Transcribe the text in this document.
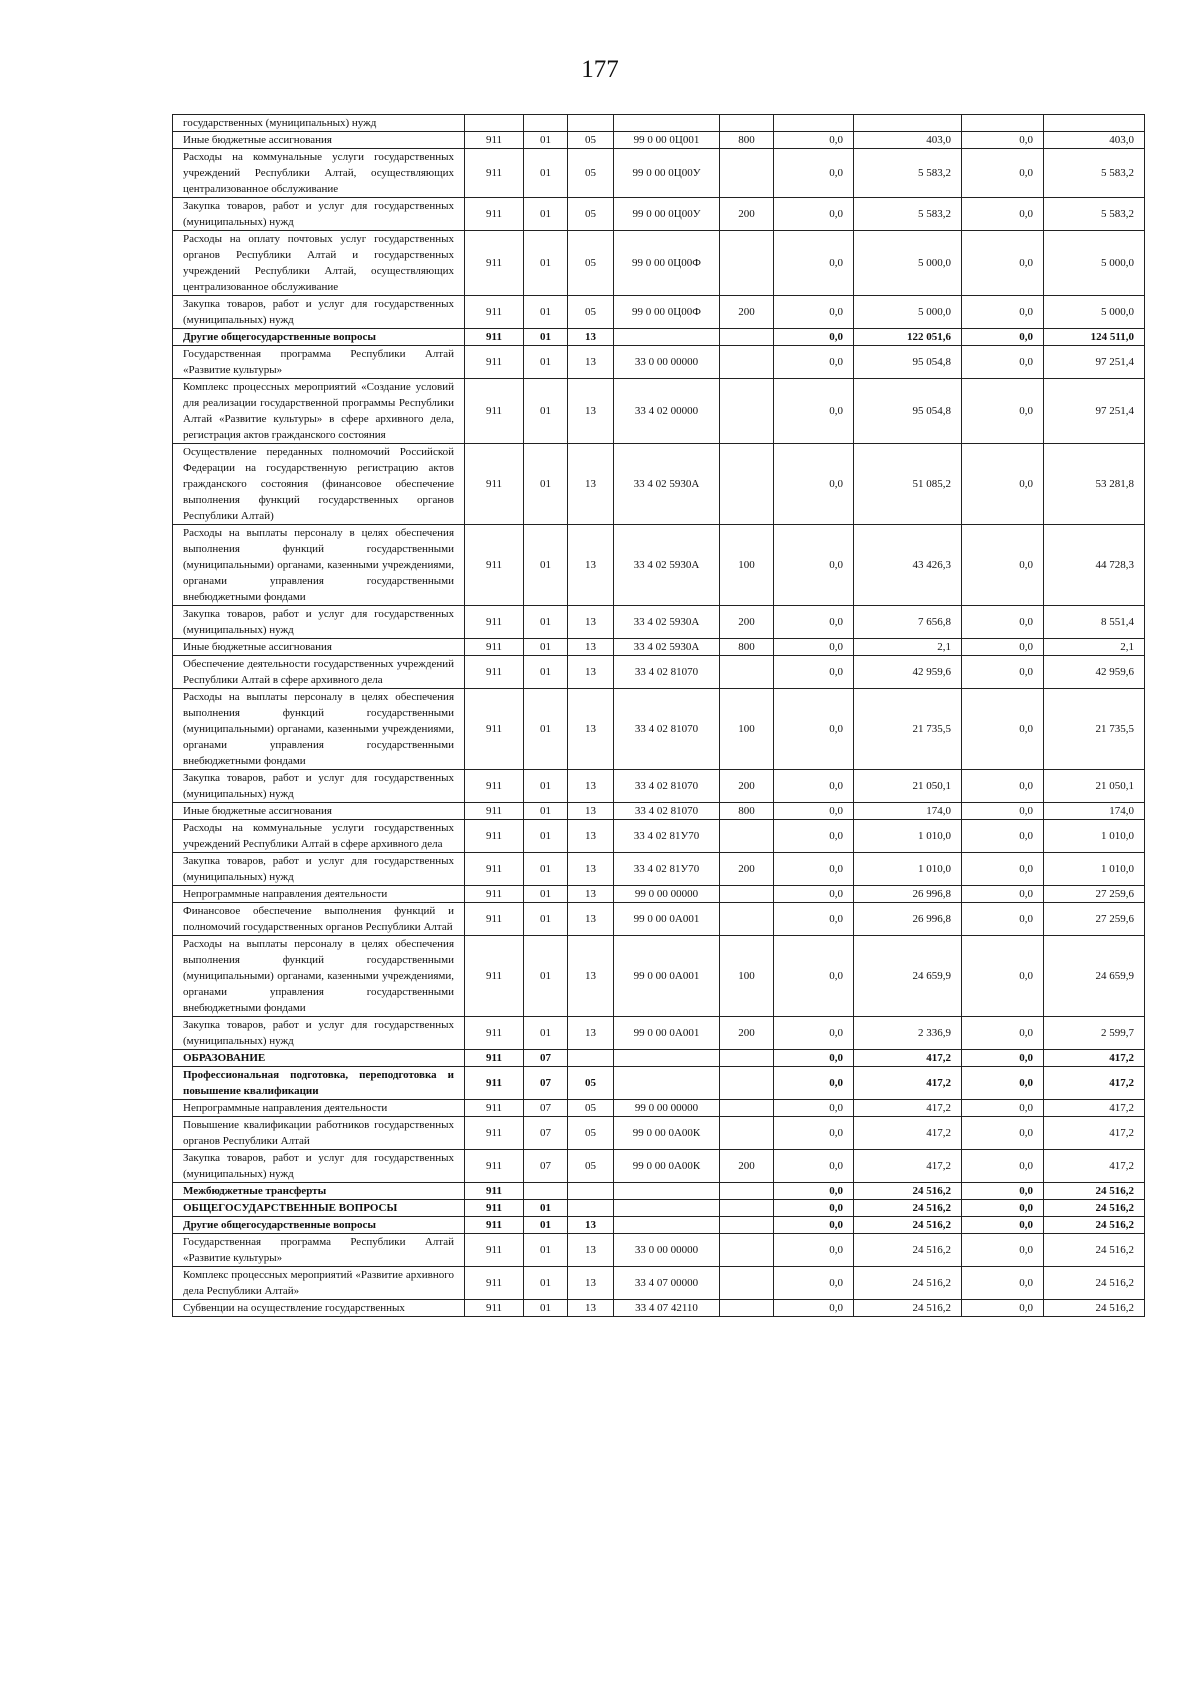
177
государственных (муниципальных) нужд									
Иные бюджетные ассигнования	911	01	05	99 0 00 0Ц001	800	0,0	403,0	0,0	403,0
Расходы на коммунальные услуги государственных учреждений Республики Алтай, осуществляющих централизованное обслуживание	911	01	05	99 0 00 0Ц00У		0,0	5 583,2	0,0	5 583,2
Закупка товаров, работ и услуг для государственных (муниципальных) нужд	911	01	05	99 0 00 0Ц00У	200	0,0	5 583,2	0,0	5 583,2
Расходы на оплату почтовых услуг государственных органов Республики Алтай и государственных учреждений Республики Алтай, осуществляющих централизованное обслуживание	911	01	05	99 0 00 0Ц00Ф		0,0	5 000,0	0,0	5 000,0
Закупка товаров, работ и услуг для государственных (муниципальных) нужд	911	01	05	99 0 00 0Ц00Ф	200	0,0	5 000,0	0,0	5 000,0
Другие общегосударственные вопросы	911	01	13			0,0	122 051,6	0,0	124 511,0
Государственная программа Республики Алтай «Развитие культуры»	911	01	13	33 0 00 00000		0,0	95 054,8	0,0	97 251,4
Комплекс процессных мероприятий «Создание условий для реализации государственной программы Республики Алтай «Развитие культуры» в сфере архивного дела, регистрация актов гражданского состояния	911	01	13	33 4 02 00000		0,0	95 054,8	0,0	97 251,4
Осуществление переданных полномочий Российской Федерации на государственную регистрацию актов гражданского состояния (финансовое обеспечение выполнения функций государственных органов Республики Алтай)	911	01	13	33 4 02 5930А		0,0	51 085,2	0,0	53 281,8
Расходы на выплаты персоналу в целях обеспечения выполнения функций государственными (муниципальными) органами, казенными учреждениями, органами управления государственными внебюджетными фондами	911	01	13	33 4 02 5930А	100	0,0	43 426,3	0,0	44 728,3
Закупка товаров, работ и услуг для государственных (муниципальных) нужд	911	01	13	33 4 02 5930А	200	0,0	7 656,8	0,0	8 551,4
Иные бюджетные ассигнования	911	01	13	33 4 02 5930А	800	0,0	2,1	0,0	2,1
Обеспечение деятельности государственных учреждений Республики Алтай в сфере архивного дела	911	01	13	33 4 02 81070		0,0	42 959,6	0,0	42 959,6
Расходы на выплаты персоналу в целях обеспечения выполнения функций государственными (муниципальными) органами, казенными учреждениями, органами управления государственными внебюджетными фондами	911	01	13	33 4 02 81070	100	0,0	21 735,5	0,0	21 735,5
Закупка товаров, работ и услуг для государственных (муниципальных) нужд	911	01	13	33 4 02 81070	200	0,0	21 050,1	0,0	21 050,1
Иные бюджетные ассигнования	911	01	13	33 4 02 81070	800	0,0	174,0	0,0	174,0
Расходы на коммунальные услуги государственных учреждений Республики Алтай в сфере архивного дела	911	01	13	33 4 02 81У70		0,0	1 010,0	0,0	1 010,0
Закупка товаров, работ и услуг для государственных (муниципальных) нужд	911	01	13	33 4 02 81У70	200	0,0	1 010,0	0,0	1 010,0
Непрограммные направления деятельности	911	01	13	99 0 00 00000		0,0	26 996,8	0,0	27 259,6
Финансовое обеспечение выполнения функций и полномочий государственных органов Республики Алтай	911	01	13	99 0 00 0А001		0,0	26 996,8	0,0	27 259,6
Расходы на выплаты персоналу в целях обеспечения выполнения функций государственными (муниципальными) органами, казенными учреждениями, органами управления государственными внебюджетными фондами	911	01	13	99 0 00 0А001	100	0,0	24 659,9	0,0	24 659,9
Закупка товаров, работ и услуг для государственных (муниципальных) нужд	911	01	13	99 0 00 0А001	200	0,0	2 336,9	0,0	2 599,7
ОБРАЗОВАНИЕ	911	07				0,0	417,2	0,0	417,2
Профессиональная подготовка, переподготовка и повышение квалификации	911	07	05			0,0	417,2	0,0	417,2
Непрограммные направления деятельности	911	07	05	99 0 00 00000		0,0	417,2	0,0	417,2
Повышение квалификации работников государственных органов Республики Алтай	911	07	05	99 0 00 0А00К		0,0	417,2	0,0	417,2
Закупка товаров, работ и услуг для государственных (муниципальных) нужд	911	07	05	99 0 00 0А00К	200	0,0	417,2	0,0	417,2
Межбюджетные трансферты	911					0,0	24 516,2	0,0	24 516,2
ОБЩЕГОСУДАРСТВЕННЫЕ ВОПРОСЫ	911	01				0,0	24 516,2	0,0	24 516,2
Другие общегосударственные вопросы	911	01	13			0,0	24 516,2	0,0	24 516,2
Государственная программа Республики Алтай «Развитие культуры»	911	01	13	33 0 00 00000		0,0	24 516,2	0,0	24 516,2
Комплекс процессных мероприятий «Развитие архивного дела Республики Алтай»	911	01	13	33 4 07 00000		0,0	24 516,2	0,0	24 516,2
Субвенции на осуществление государственных	911	01	13	33 4 07 42110		0,0	24 516,2	0,0	24 516,2
